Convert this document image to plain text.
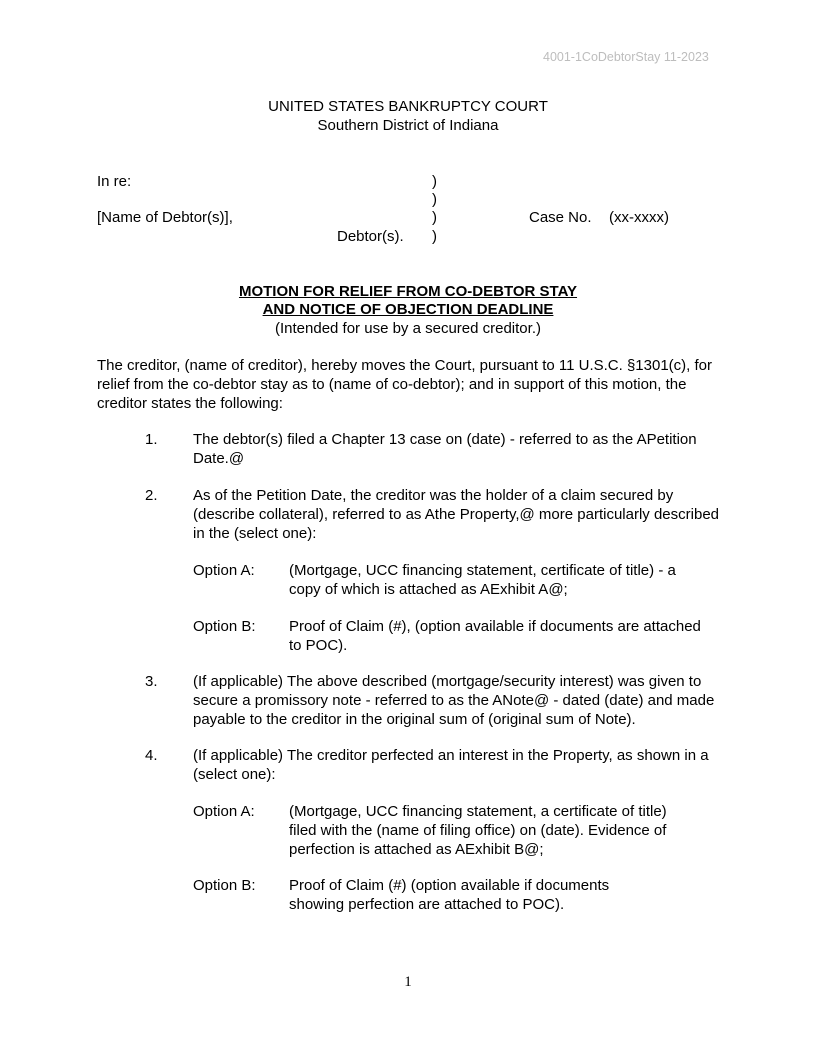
4001-1CoDebtorStay 11-2023
UNITED STATES BANKRUPTCY COURT
Southern District of Indiana
In re:
[Name of Debtor(s)],
Debtor(s).
)
)
)
)
Case No. (xx-xxxx)
MOTION FOR RELIEF FROM CO-DEBTOR STAY
AND NOTICE OF OBJECTION DEADLINE
(Intended for use by a secured creditor.)
The creditor, (name of creditor), hereby moves the Court, pursuant to 11 U.S.C. §1301(c), for relief from the co-debtor stay as to (name of co-debtor); and in support of this motion, the creditor states the following:
1. The debtor(s) filed a Chapter 13 case on (date) - referred to as the APetition Date.@
2. As of the Petition Date, the creditor was the holder of a claim secured by (describe collateral), referred to as Athe Property,@ more particularly described in the (select one):
Option A: (Mortgage, UCC financing statement, certificate of title) - a copy of which is attached as AExhibit A@;
Option B: Proof of Claim (#), (option available if documents are attached to POC).
3. (If applicable) The above described (mortgage/security interest) was given to secure a promissory note - referred to as the ANote@ - dated (date) and made payable to the creditor in the original sum of (original sum of Note).
4. (If applicable) The creditor perfected an interest in the Property, as shown in a (select one):
Option A: (Mortgage, UCC financing statement, a certificate of title) filed with the (name of filing office) on (date). Evidence of perfection is attached as AExhibit B@;
Option B: Proof of Claim (#) (option available if documents showing perfection are attached to POC).
1
